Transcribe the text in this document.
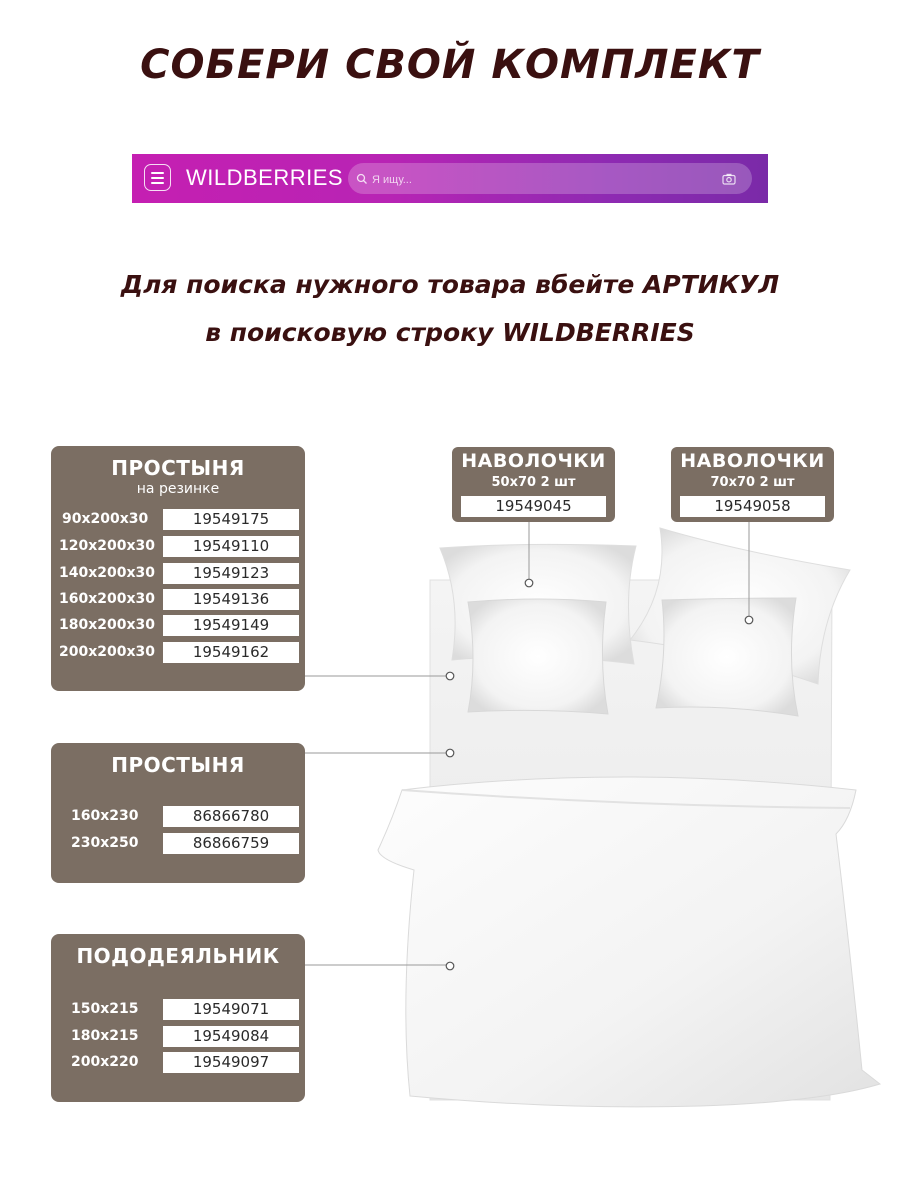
СОБЕРИ СВОЙ КОМПЛЕКТ
WILDBERRIES
Я ищу...
Для поиска нужного товара вбейте АРТИКУЛ
в поисковую строку WILDBERRIES
ПРОСТЫНЯ
на резинке
90х200х30	19549175
120х200х30	19549110
140х200х30	19549123
160х200х30	19549136
180х200х30	19549149
200х200х30	19549162
ПРОСТЫНЯ
160х230	86866780
230х250	86866759
ПОДОДЕЯЛЬНИК
150х215	19549071
180х215	19549084
200х220	19549097
НАВОЛОЧКИ
50х70 2 шт
19549045
НАВОЛОЧКИ
70х70 2 шт
19549058
